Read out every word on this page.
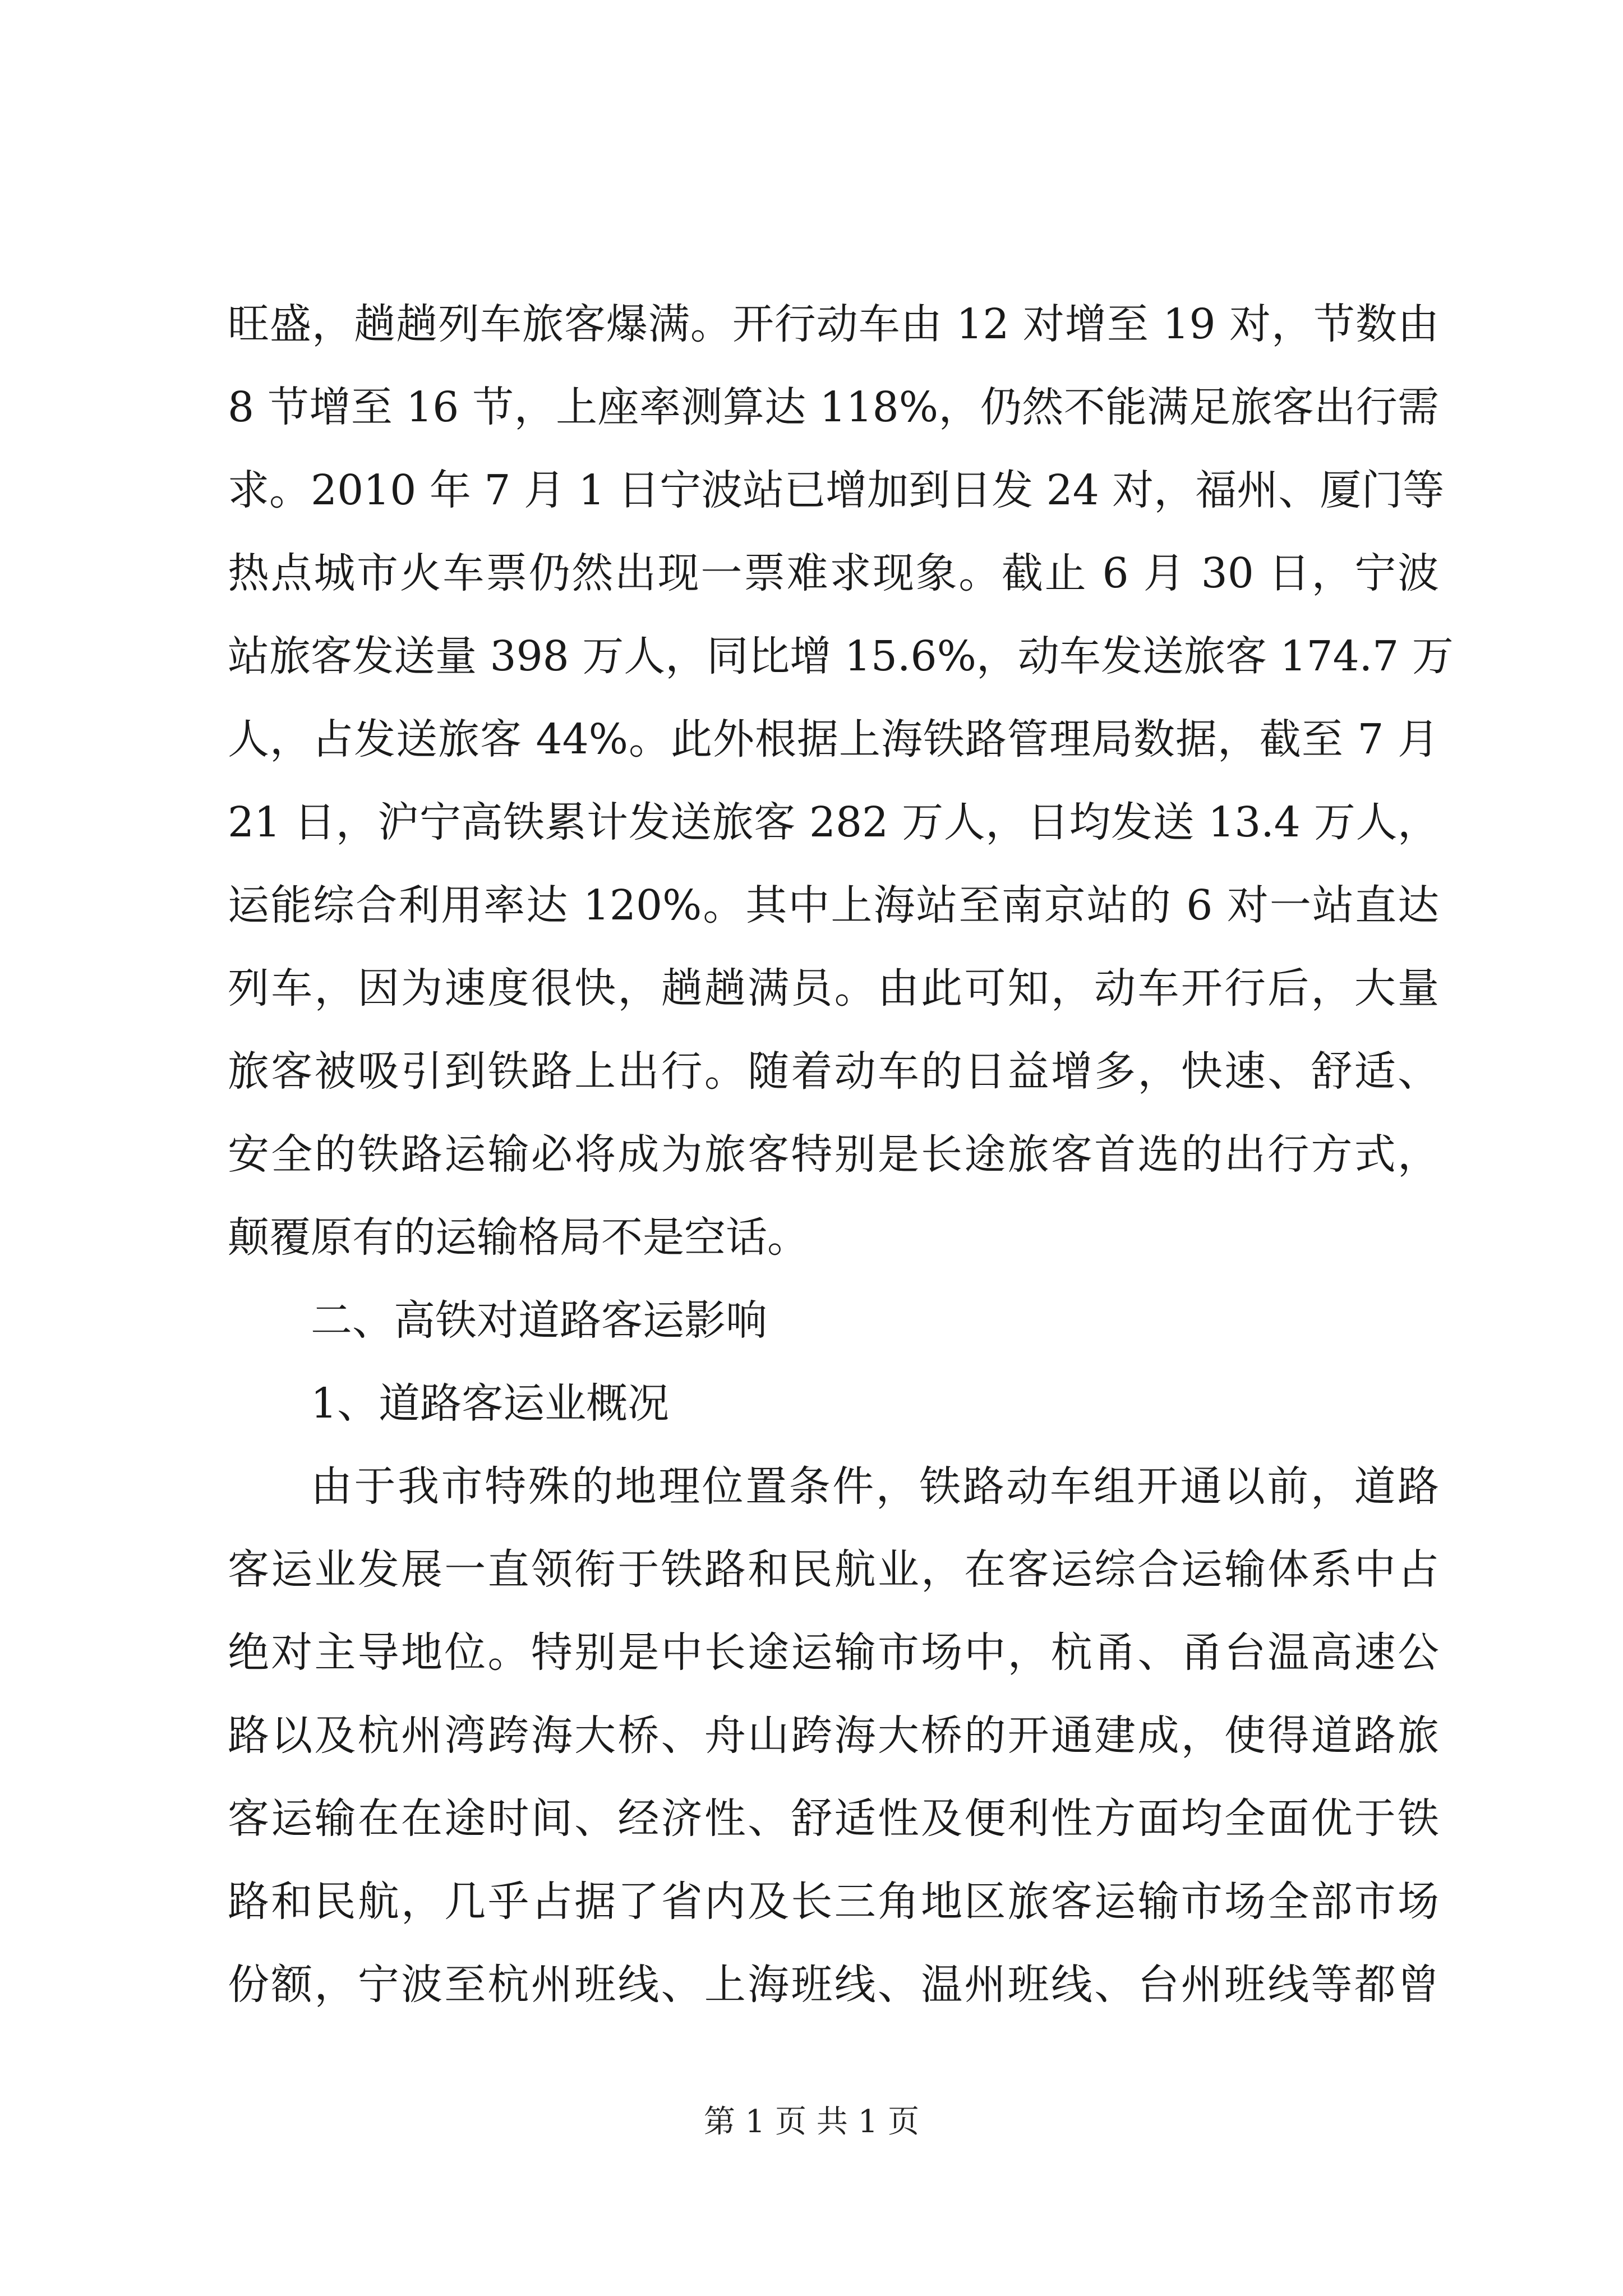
旺盛，趟趟列车旅客爆满。开行动车由 12 对增至 19 对，节数由
8 节增至 16 节，上座率测算达 118%，仍然不能满足旅客出行需
求。2010 年 7 月 1 日宁波站已增加到日发 24 对，福州、厦门等
热点城市火车票仍然出现一票难求现象。截止 6 月 30 日，宁波
站旅客发送量 398 万人，同比增 15.6%，动车发送旅客 174.7 万
人，占发送旅客 44%。此外根据上海铁路管理局数据，截至 7 月
21 日，沪宁高铁累计发送旅客 282 万人，日均发送 13.4 万人，
运能综合利用率达 120%。其中上海站至南京站的 6 对一站直达
列车，因为速度很快，趟趟满员。由此可知，动车开行后，大量
旅客被吸引到铁路上出行。随着动车的日益增多，快速、舒适、
安全的铁路运输必将成为旅客特别是长途旅客首选的出行方式，
颠覆原有的运输格局不是空话。
二、高铁对道路客运影响
1、道路客运业概况
由于我市特殊的地理位置条件，铁路动车组开通以前，道路
客运业发展一直领衔于铁路和民航业，在客运综合运输体系中占
绝对主导地位。特别是中长途运输市场中，杭甬、甬台温高速公
路以及杭州湾跨海大桥、舟山跨海大桥的开通建成，使得道路旅
客运输在在途时间、经济性、舒适性及便利性方面均全面优于铁
路和民航，几乎占据了省内及长三角地区旅客运输市场全部市场
份额，宁波至杭州班线、上海班线、温州班线、台州班线等都曾
第 1 页 共 1 页
